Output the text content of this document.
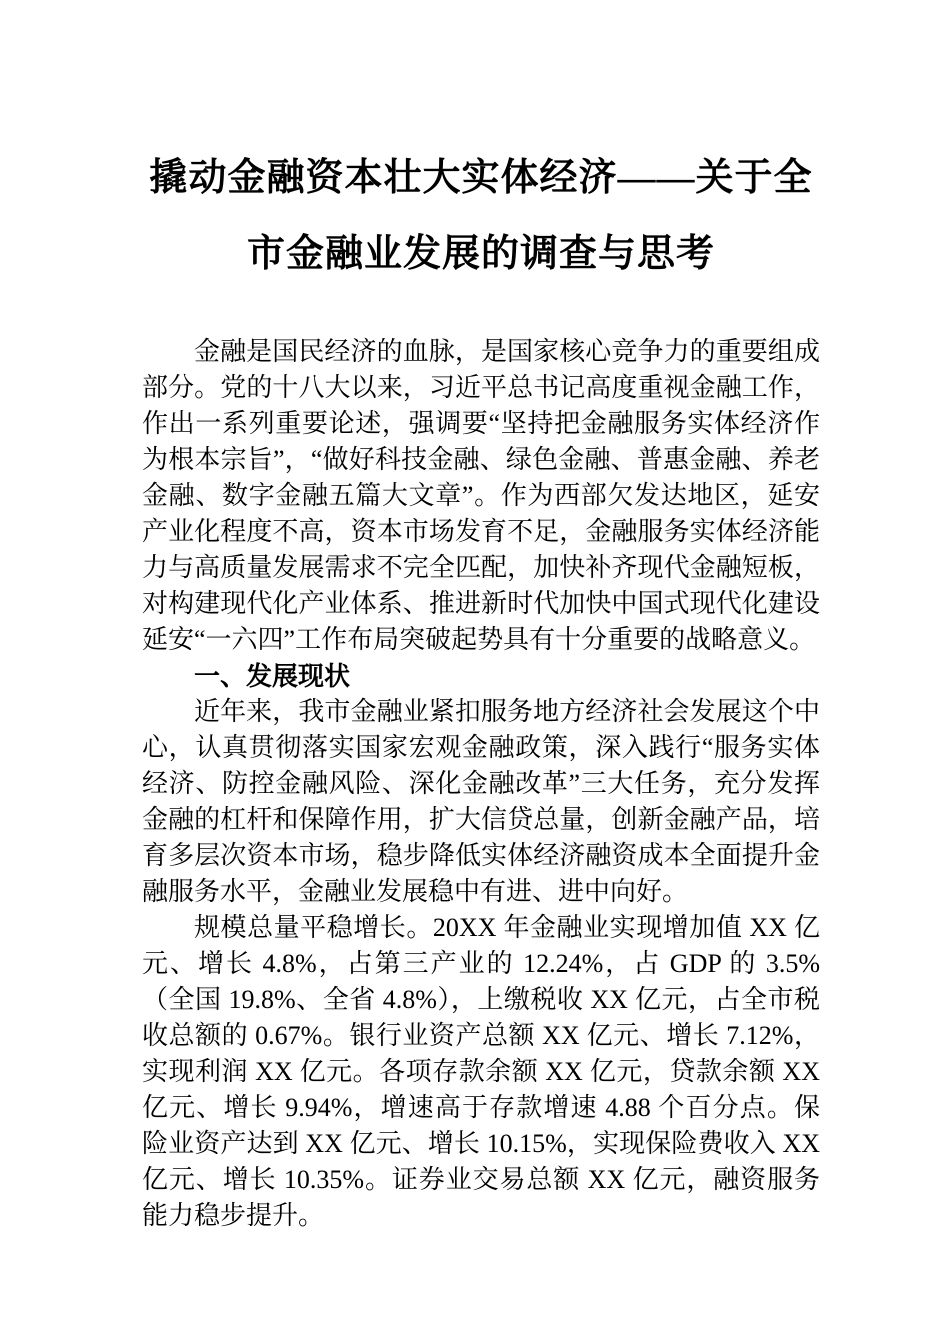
撬动金融资本壮大实体经济——关于全市金融业发展的调查与思考

金融是国民经济的血脉，是国家核心竞争力的重要组成部分。党的十八大以来，习近平总书记高度重视金融工作，作出一系列重要论述，强调要“坚持把金融服务实体经济作为根本宗旨”，“做好科技金融、绿色金融、普惠金融、养老金融、数字金融五篇大文章”。作为西部欠发达地区，延安产业化程度不高，资本市场发育不足，金融服务实体经济能力与高质量发展需求不完全匹配，加快补齐现代金融短板，对构建现代化产业体系、推进新时代加快中国式现代化建设延安“一六四”工作布局突破起势具有十分重要的战略意义。

一、发展现状

近年来，我市金融业紧扣服务地方经济社会发展这个中心，认真贯彻落实国家宏观金融政策，深入践行“服务实体经济、防控金融风险、深化金融改革”三大任务，充分发挥金融的杠杆和保障作用，扩大信贷总量，创新金融产品，培育多层次资本市场，稳步降低实体经济融资成本全面提升金融服务水平，金融业发展稳中有进、进中向好。

规模总量平稳增长。20XX 年金融业实现增加值 XX 亿元、增长 4.8%，占第三产业的 12.24%，占 GDP 的 3.5%（全国 19.8%、全省 4.8%），上缴税收 XX 亿元，占全市税收总额的 0.67%。银行业资产总额 XX 亿元、增长 7.12%，实现利润 XX 亿元。各项存款余额 XX 亿元，贷款余额 XX 亿元、增长 9.94%，增速高于存款增速 4.88 个百分点。保险业资产达到 XX 亿元、增长 10.15%，实现保险费收入 XX 亿元、增长 10.35%。证券业交易总额 XX 亿元，融资服务能力稳步提升。
